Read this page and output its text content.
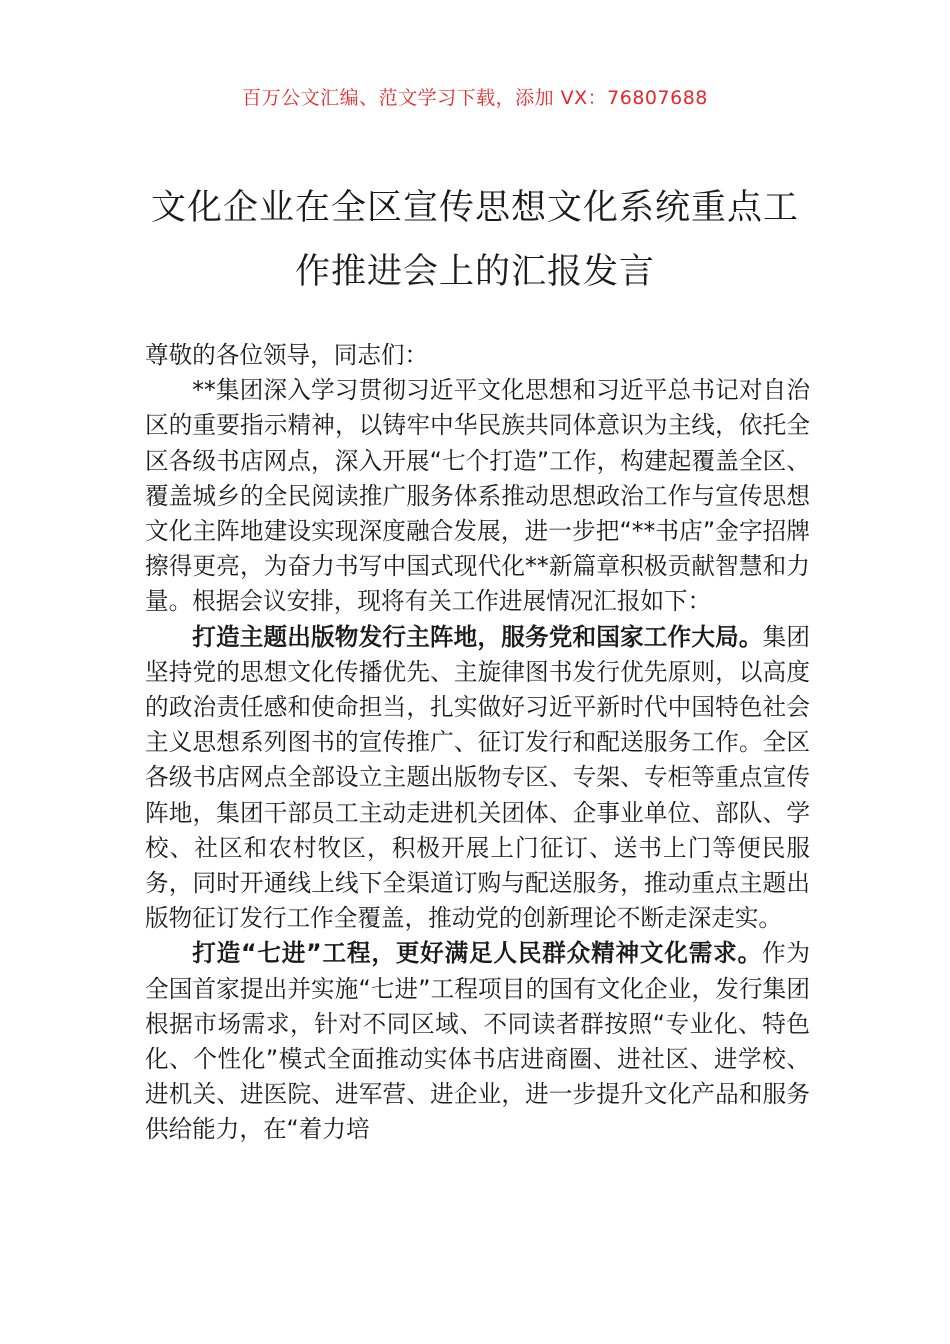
百万公文汇编、范文学习下载，添加 VX：76807688
文化企业在全区宣传思想文化系统重点工
作推进会上的汇报发言

尊敬的各位领导，同志们：

**集团深入学习贯彻习近平文化思想和习近平总书记对自治区的重要指示精神，以铸牢中华民族共同体意识为主线，依托全区各级书店网点，深入开展“七个打造”工作，构建起覆盖全区、覆盖城乡的全民阅读推广服务体系推动思想政治工作与宣传思想文化主阵地建设实现深度融合发展，进一步把“**书店”金字招牌擦得更亮，为奋力书写中国式现代化**新篇章积极贡献智慧和力量。根据会议安排，现将有关工作进展情况汇报如下：

打造主题出版物发行主阵地，服务党和国家工作大局。集团坚持党的思想文化传播优先、主旋律图书发行优先原则，以高度的政治责任感和使命担当，扎实做好习近平新时代中国特色社会主义思想系列图书的宣传推广、征订发行和配送服务工作。全区各级书店网点全部设立主题出版物专区、专架、专柜等重点宣传阵地，集团干部员工主动走进机关团体、企事业单位、部队、学校、社区和农村牧区，积极开展上门征订、送书上门等便民服务，同时开通线上线下全渠道订购与配送服务，推动重点主题出版物征订发行工作全覆盖，推动党的创新理论不断走深走实。

打造“七进”工程，更好满足人民群众精神文化需求。作为全国首家提出并实施“七进”工程项目的国有文化企业，发行集团根据市场需求，针对不同区域、不同读者群按照“专业化、特色化、个性化”模式全面推动实体书店进商圈、进社区、进学校、进机关、进医院、进军营、进企业，进一步提升文化产品和服务供给能力，在“着力培
